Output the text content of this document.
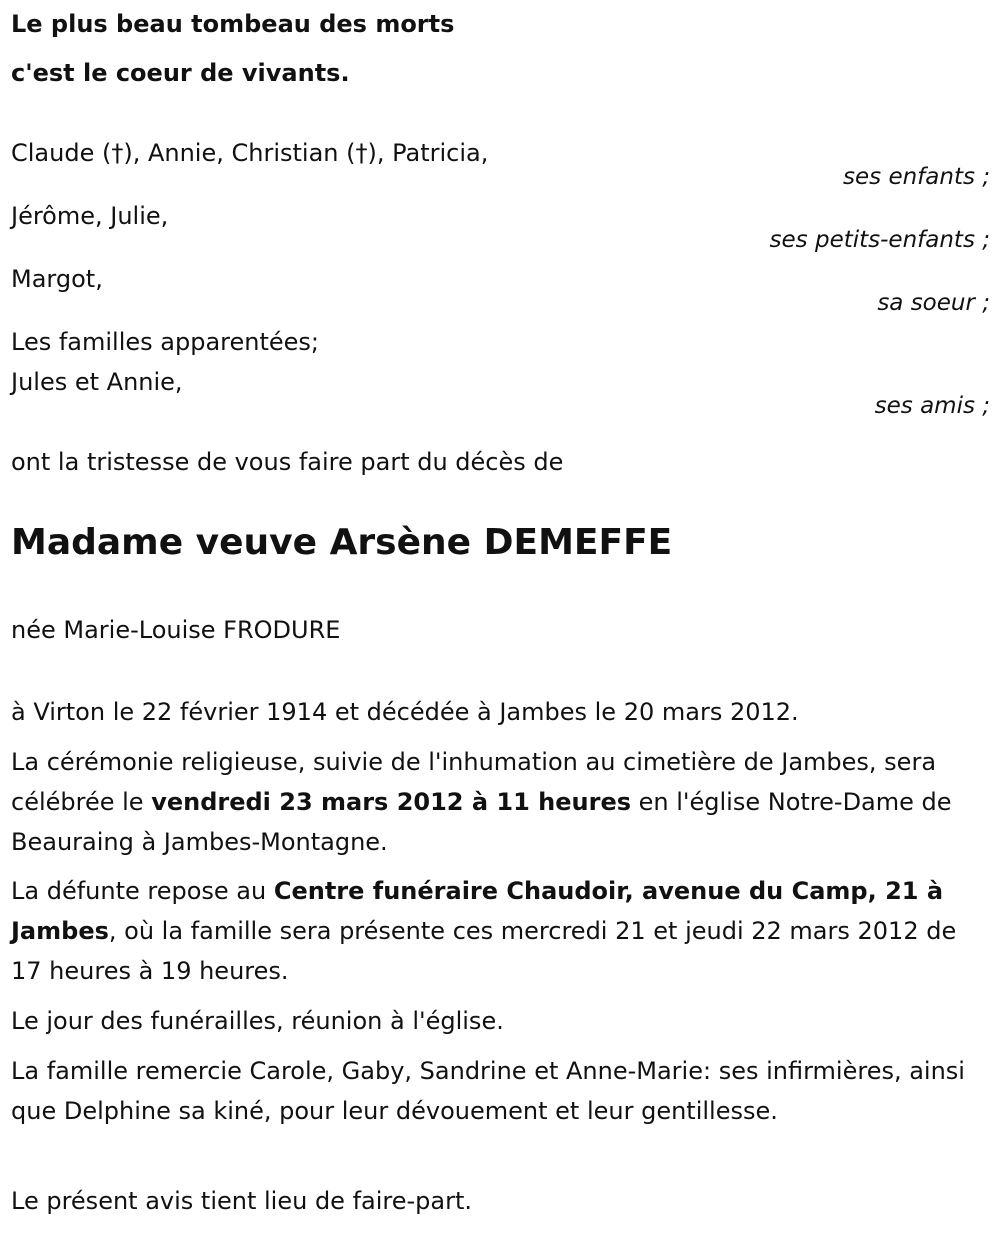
Le plus beau tombeau des morts
c'est le coeur de vivants.
Claude (†), Annie, Christian (†), Patricia,
ses enfants ;
Jérôme, Julie,
ses petits-enfants ;
Margot,
sa soeur ;
Les familles apparentées;
Jules et Annie,
ses amis ;
ont la tristesse de vous faire part du décès de
Madame veuve Arsène DEMEFFE
née Marie-Louise FRODURE
à Virton le 22 février 1914 et décédée à Jambes le 20 mars 2012.
La cérémonie religieuse, suivie de l'inhumation au cimetière de Jambes, sera célébrée le vendredi 23 mars 2012 à 11 heures en l'église Notre-Dame de Beauraing à Jambes-Montagne.
La défunte repose au Centre funéraire Chaudoir, avenue du Camp, 21 à Jambes, où la famille sera présente ces mercredi 21 et jeudi 22 mars 2012 de 17 heures à 19 heures.
Le jour des funérailles, réunion à l'église.
La famille remercie Carole, Gaby, Sandrine et Anne-Marie: ses infirmières, ainsi que Delphine sa kiné, pour leur dévouement et leur gentillesse.
Le présent avis tient lieu de faire-part.
